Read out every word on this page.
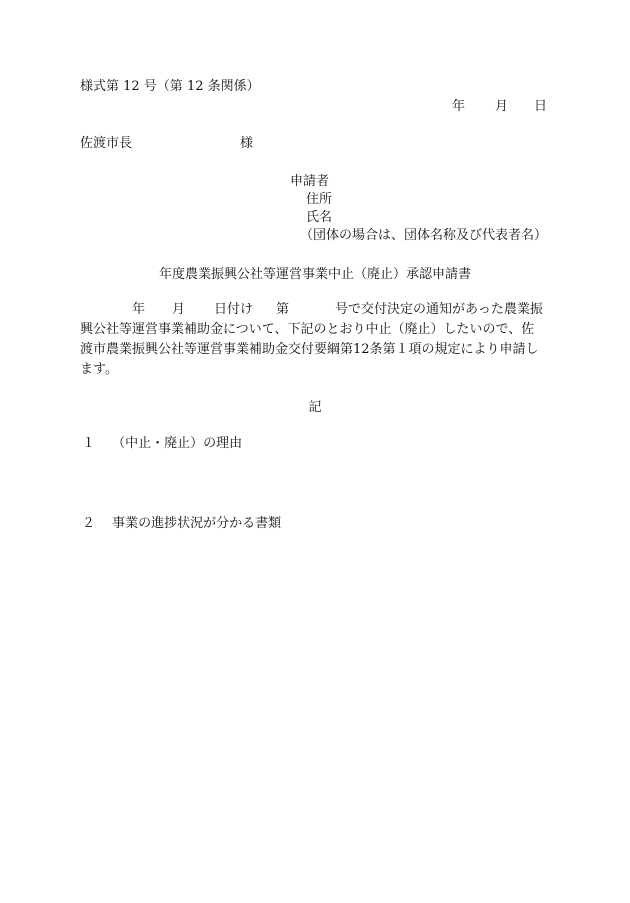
様式第 12 号（第 12 条関係）
年 月 日
佐渡市長	様
申請者
住所
氏名
（団体の場合は、団体名称及び代表者名）
年度農業振興公社等運営事業中止（廃止）承認申請書
年 月 日付け 第	号で交付決定の通知があった農業振
興公社等運営事業補助金について、下記のとおり中止（廃止）したいので、佐
渡市農業振興公社等運営事業補助金交付要綱第12条第１項の規定により申請し
ます。
記
１ （中止・廃止）の理由
２ 事業の進捗状況が分かる書類
